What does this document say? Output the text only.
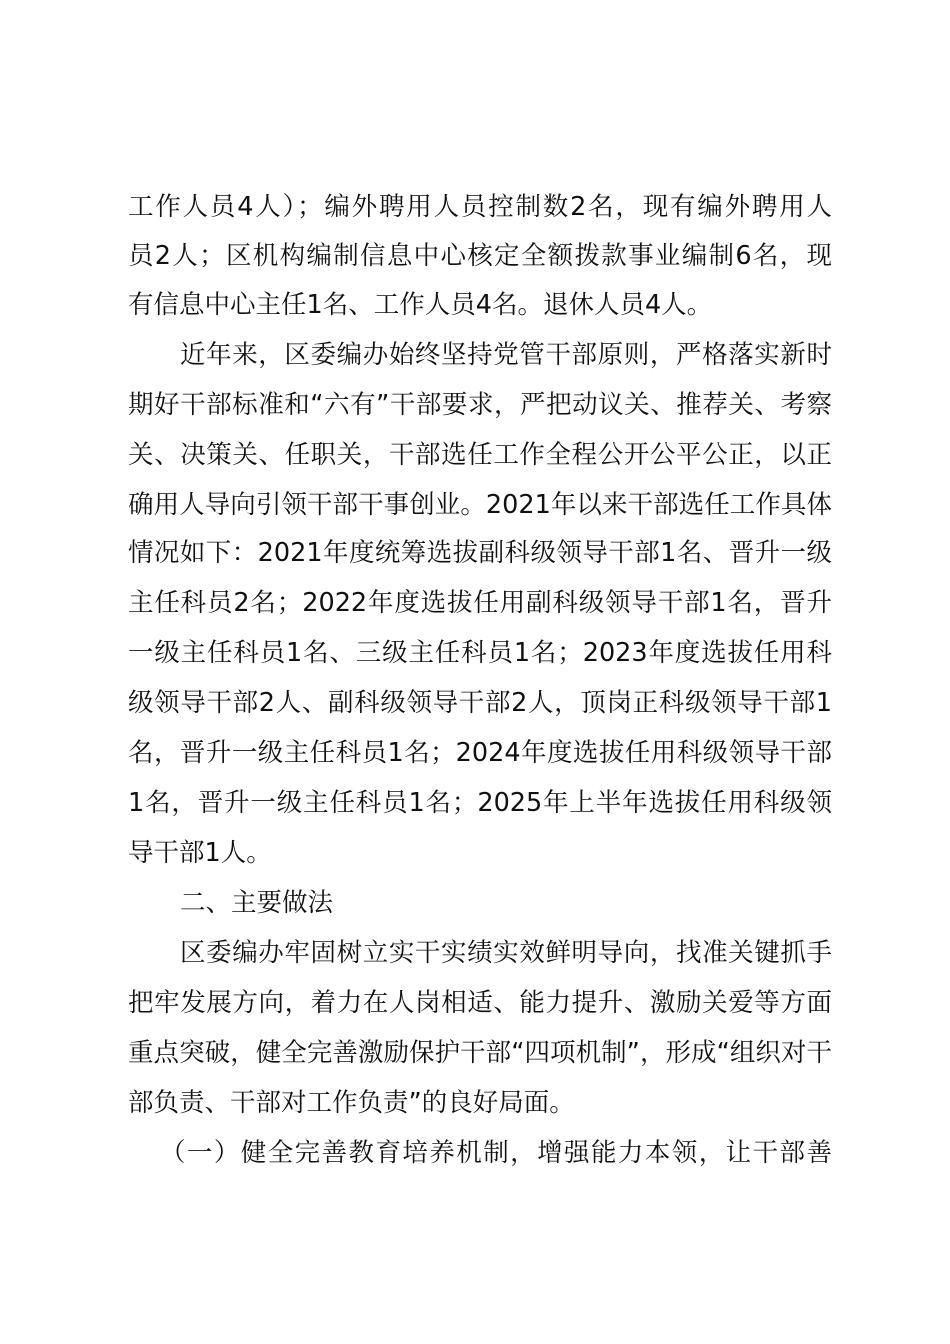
工作人员4人）；编外聘用人员控制数2名，现有编外聘用人
员2人；区机构编制信息中心核定全额拨款事业编制6名，现
有信息中心主任1名、工作人员4名。退休人员4人。
近年来，区委编办始终坚持党管干部原则，严格落实新时
期好干部标准和“六有”干部要求，严把动议关、推荐关、考察
关、决策关、任职关，干部选任工作全程公开公平公正，以正
确用人导向引领干部干事创业。2021年以来干部选任工作具体
情况如下：2021年度统筹选拔副科级领导干部1名、晋升一级
主任科员2名；2022年度选拔任用副科级领导干部1名，晋升
一级主任科员1名、三级主任科员1名；2023年度选拔任用科
级领导干部2人、副科级领导干部2人，顶岗正科级领导干部1
名，晋升一级主任科员1名；2024年度选拔任用科级领导干部
1名，晋升一级主任科员1名；2025年上半年选拔任用科级领
导干部1人。
二、主要做法
区委编办牢固树立实干实绩实效鲜明导向，找准关键抓手
把牢发展方向，着力在人岗相适、能力提升、激励关爱等方面
重点突破，健全完善激励保护干部“四项机制”，形成“组织对干
部负责、干部对工作负责”的良好局面。
（一）健全完善教育培养机制，增强能力本领，让干部善
